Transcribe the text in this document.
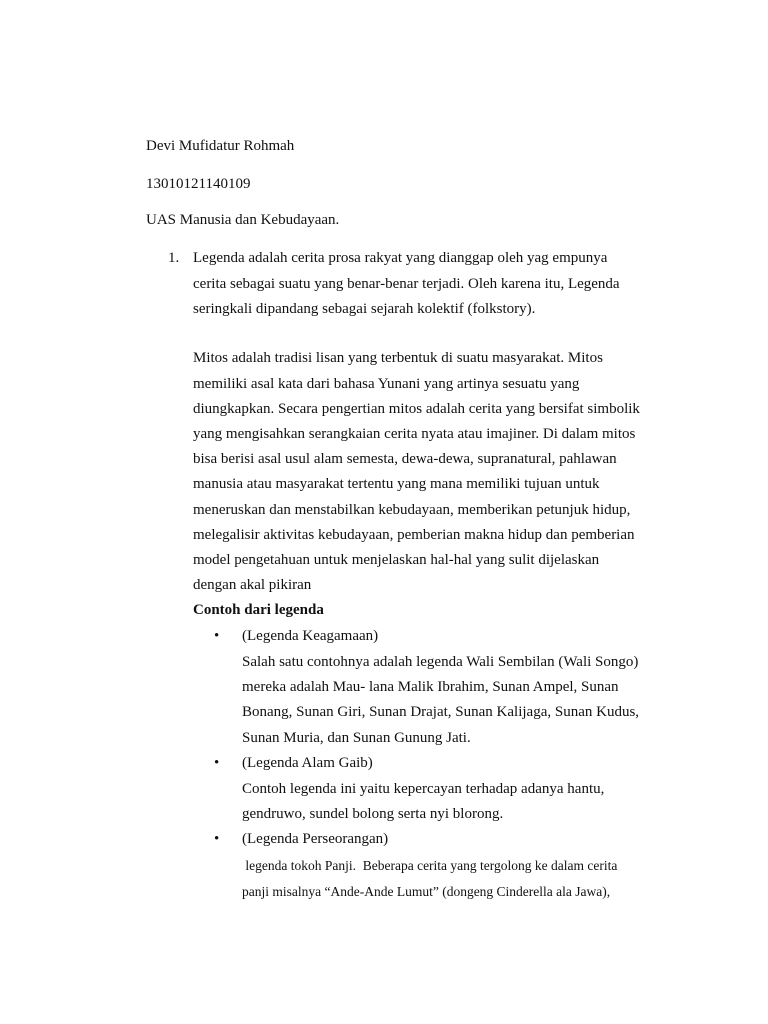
Devi Mufidatur Rohmah
13010121140109
UAS Manusia dan Kebudayaan.
1. Legenda adalah cerita prosa rakyat yang dianggap oleh yag empunya
cerita sebagai suatu yang benar-benar terjadi. Oleh karena itu, Legenda
seringkali dipandang sebagai sejarah kolektif (folkstory).
Mitos adalah tradisi lisan yang terbentuk di suatu masyarakat. Mitos
memiliki asal kata dari bahasa Yunani yang artinya sesuatu yang
diungkapkan. Secara pengertian mitos adalah cerita yang bersifat simbolik
yang mengisahkan serangkaian cerita nyata atau imajiner. Di dalam mitos
bisa berisi asal usul alam semesta, dewa-dewa, supranatural, pahlawan
manusia atau masyarakat tertentu yang mana memiliki tujuan untuk
meneruskan dan menstabilkan kebudayaan, memberikan petunjuk hidup,
melegalisir aktivitas kebudayaan, pemberian makna hidup dan pemberian
model pengetahuan untuk menjelaskan hal-hal yang sulit dijelaskan
dengan akal pikiran
Contoh dari legenda
• (Legenda Keagamaan)
Salah satu contohnya adalah legenda Wali Sembilan (Wali Songo)
mereka adalah Mau- lana Malik Ibrahim, Sunan Ampel, Sunan
Bonang, Sunan Giri, Sunan Drajat, Sunan Kalijaga, Sunan Kudus,
Sunan Muria, dan Sunan Gunung Jati.
• (Legenda Alam Gaib)
Contoh legenda ini yaitu kepercayan terhadap adanya hantu,
gendruwo, sundel bolong serta nyi blorong.
• (Legenda Perseorangan)
legenda tokoh Panji.  Beberapa cerita yang tergolong ke dalam cerita
panji misalnya “Ande-Ande Lumut” (dongeng Cinderella ala Jawa),
